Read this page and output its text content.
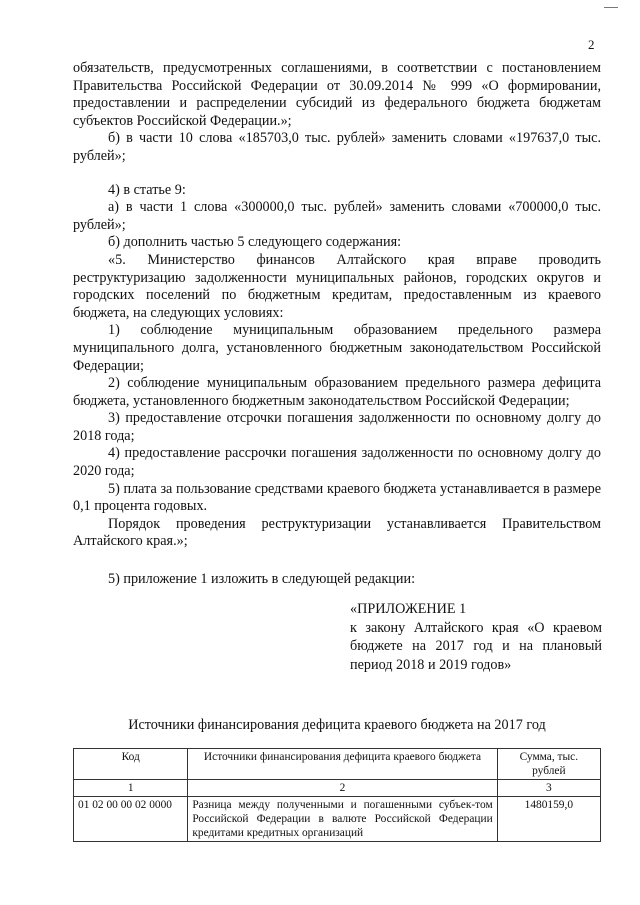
2

обязательств, предусмотренных соглашениями, в соответствии с постановлением Правительства Российской Федерации от 30.09.2014 № 999 «О формировании, предоставлении и распределении субсидий из федерального бюджета бюджетам субъектов Российской Федерации.»;

б) в части 10 слова «185703,0 тыс. рублей» заменить словами «197637,0 тыс. рублей»;

4) в статье 9:

а) в части 1 слова «300000,0 тыс. рублей» заменить словами «700000,0 тыс. рублей»;

б) дополнить частью 5 следующего содержания:

«5. Министерство финансов Алтайского края вправе проводить реструктуризацию задолженности муниципальных районов, городских округов и городских поселений по бюджетным кредитам, предоставленным из краевого бюджета, на следующих условиях:

1) соблюдение муниципальным образованием предельного размера муниципального долга, установленного бюджетным законодательством Российской Федерации;

2) соблюдение муниципальным образованием предельного размера дефицита бюджета, установленного бюджетным законодательством Российской Федерации;

3) предоставление отсрочки погашения задолженности по основному долгу до 2018 года;

4) предоставление рассрочки погашения задолженности по основному долгу до 2020 года;

5) плата за пользование средствами краевого бюджета устанавливается в размере 0,1 процента годовых.

Порядок проведения реструктуризации устанавливается Правительством Алтайского края.»;

5) приложение 1 изложить в следующей редакции:

«ПРИЛОЖЕНИЕ 1

к закону Алтайского края «О краевом бюджете на 2017 год и на плановый период 2018 и 2019 годов»

Источники финансирования дефицита краевого бюджета на 2017 год
Код	Источники финансирования дефицита краевого бюджета	Сумма, тыс. рублей
1	2	3
01 02 00 00 02 0000	Разница между полученными и погашенными субъек-том Российской Федерации в валюте Российской Федерации кредитами кредитных организаций	1480159,0
